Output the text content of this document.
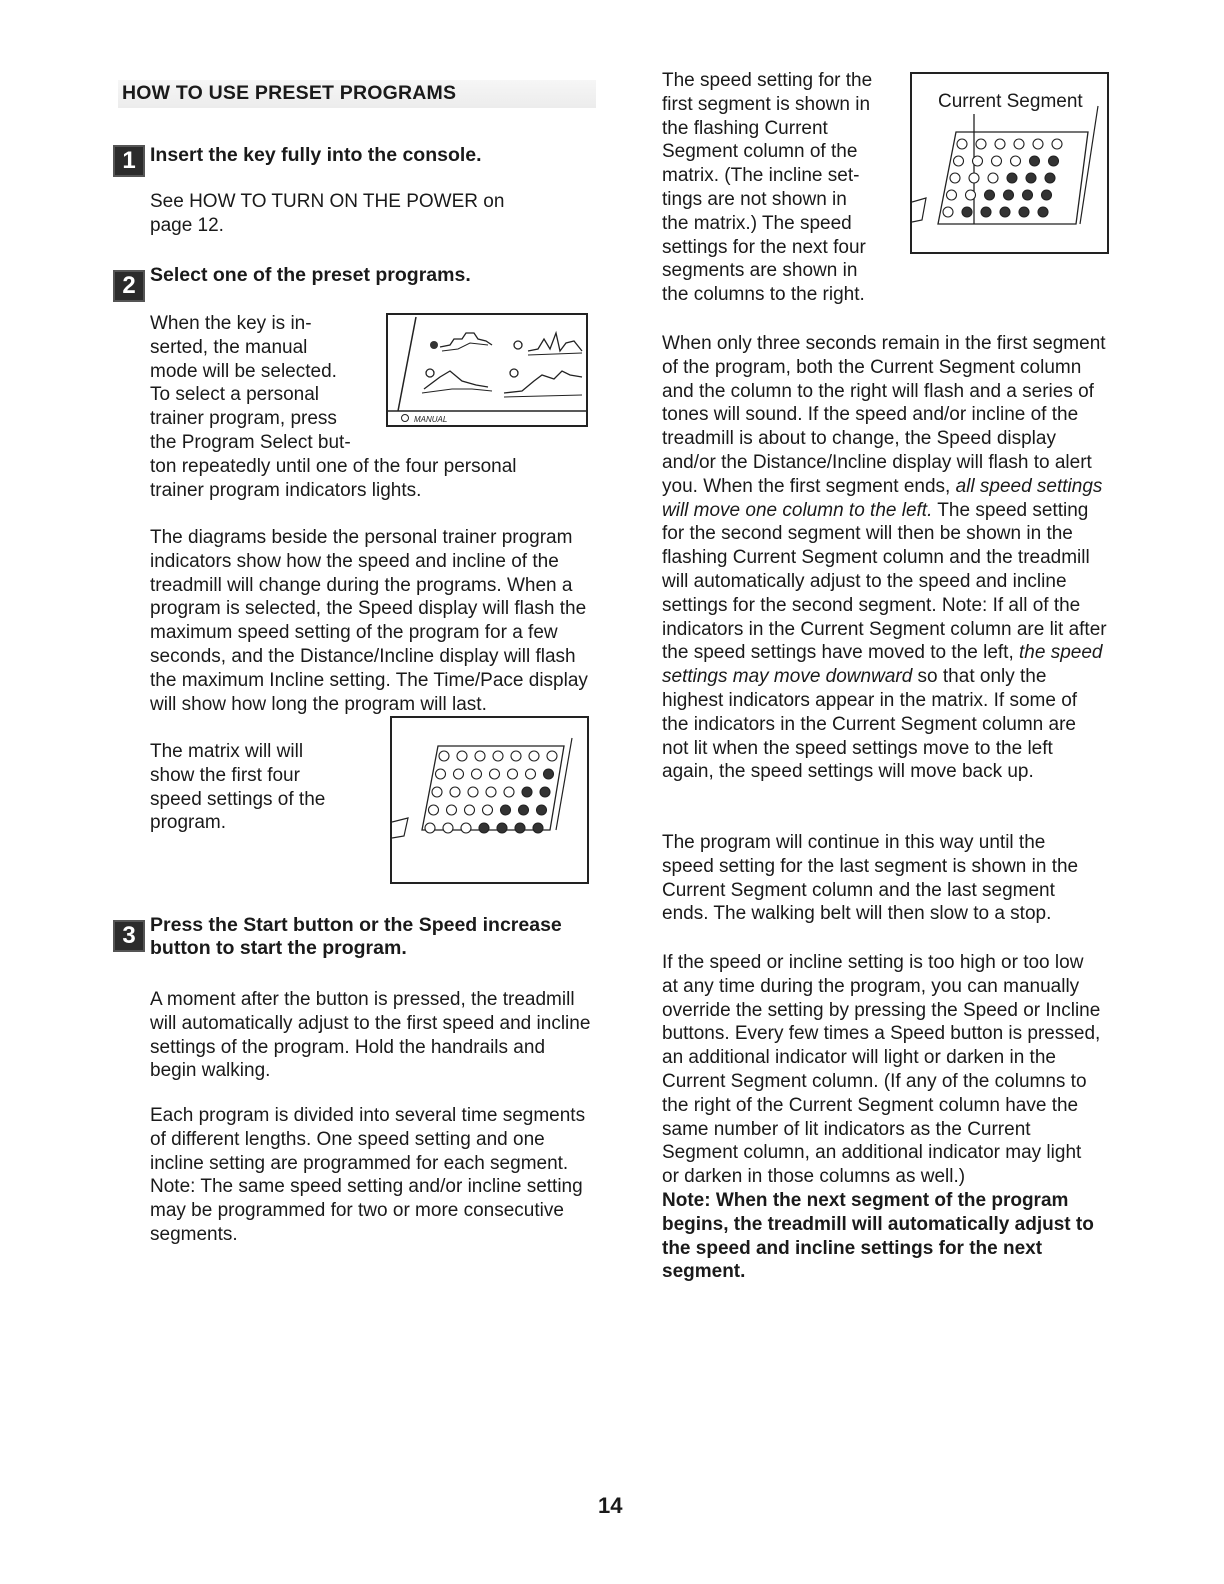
HOW TO USE PRESET PROGRAMS
1 Insert the key fully into the console.

See HOW TO TURN ON THE POWER on page 12.

2 Select one of the preset programs.
When the key is in-
serted, the manual
mode will be selected.
To select a personal
trainer program, press
the Program Select but-
ton repeatedly until one of the four personal
trainer program indicators lights.
MANUAL

The diagrams beside the personal trainer program indicators show how the speed and incline of the treadmill will change during the programs. When a program is selected, the Speed display will flash the maximum speed setting of the program for a few seconds, and the Distance/Incline display will flash the maximum Incline setting. The Time/Pace display will show how long the program will last.

The matrix will will
show the first four
speed settings of the
program.
3 Press the Start button or the Speed increase
button to start the program.

A moment after the button is pressed, the treadmill will automatically adjust to the first speed and incline settings of the program. Hold the handrails and begin walking.

Each program is divided into several time segments of different lengths. One speed setting and one incline setting are programmed for each segment. Note: The same speed setting and/or incline setting may be programmed for two or more consecutive segments.

The speed setting for the
first segment is shown in
the flashing Current
Segment column of the
matrix. (The incline set-
tings are not shown in
the matrix.) The speed
settings for the next four
segments are shown in
the columns to the right.
Current Segment

When only three seconds remain in the first segment of the program, both the Current Segment column and the column to the right will flash and a series of tones will sound. If the speed and/or incline of the treadmill is about to change, the Speed display and/or the Distance/Incline display will flash to alert you. When the first segment ends, all speed settings will move one column to the left. The speed setting for the second segment will then be shown in the flashing Current Segment column and the treadmill will automatically adjust to the speed and incline settings for the second segment. Note: If all of the indicators in the Current Segment column are lit after the speed settings have moved to the left, the speed settings may move downward so that only the highest indicators appear in the matrix. If some of the indicators in the Current Segment column are not lit when the speed settings move to the left again, the speed settings will move back up.

The program will continue in this way until the speed setting for the last segment is shown in the Current Segment column and the last segment ends. The walking belt will then slow to a stop.

If the speed or incline setting is too high or too low at any time during the program, you can manually override the setting by pressing the Speed or Incline buttons. Every few times a Speed button is pressed, an additional indicator will light or darken in the Current Segment column. (If any of the columns to the right of the Current Segment column have the same number of lit indicators as the Current Segment column, an additional indicator may light or darken in those columns as well.)

Note: When the next segment of the program begins, the treadmill will automatically adjust to the speed and incline settings for the next segment.

14
